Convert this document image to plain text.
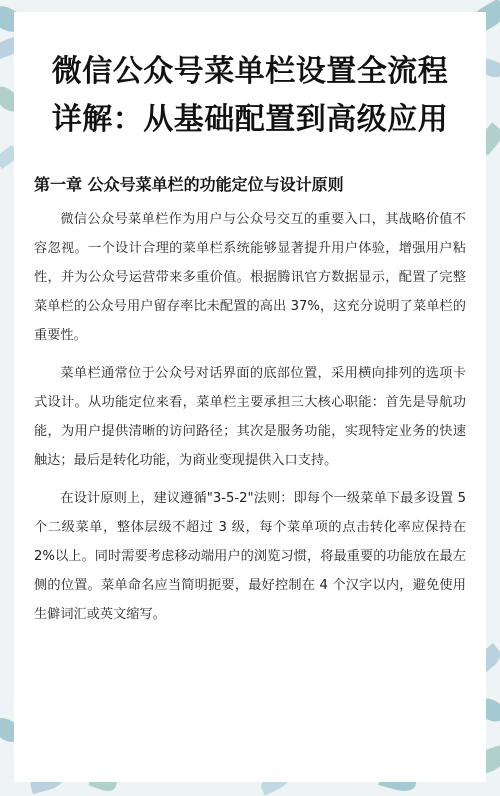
微信公众号菜单栏设置全流程
详解：从基础配置到高级应用
第一章 公众号菜单栏的功能定位与设计原则

微信公众号菜单栏作为用户与公众号交互的重要入口，其战略价值不容忽视。一个设计合理的菜单栏系统能够显著提升用户体验，增强用户粘性，并为公众号运营带来多重价值。根据腾讯官方数据显示，配置了完整菜单栏的公众号用户留存率比未配置的高出 37%，这充分说明了菜单栏的重要性。

菜单栏通常位于公众号对话界面的底部位置，采用横向排列的选项卡式设计。从功能定位来看，菜单栏主要承担三大核心职能：首先是导航功能，为用户提供清晰的访问路径；其次是服务功能，实现特定业务的快速触达；最后是转化功能，为商业变现提供入口支持。

在设计原则上，建议遵循"3-5-2"法则：即每个一级菜单下最多设置 5 个二级菜单，整体层级不超过 3 级，每个菜单项的点击转化率应保持在 2%以上。同时需要考虑移动端用户的浏览习惯，将最重要的功能放在最左侧的位置。菜单命名应当简明扼要，最好控制在 4 个汉字以内，避免使用生僻词汇或英文缩写。
